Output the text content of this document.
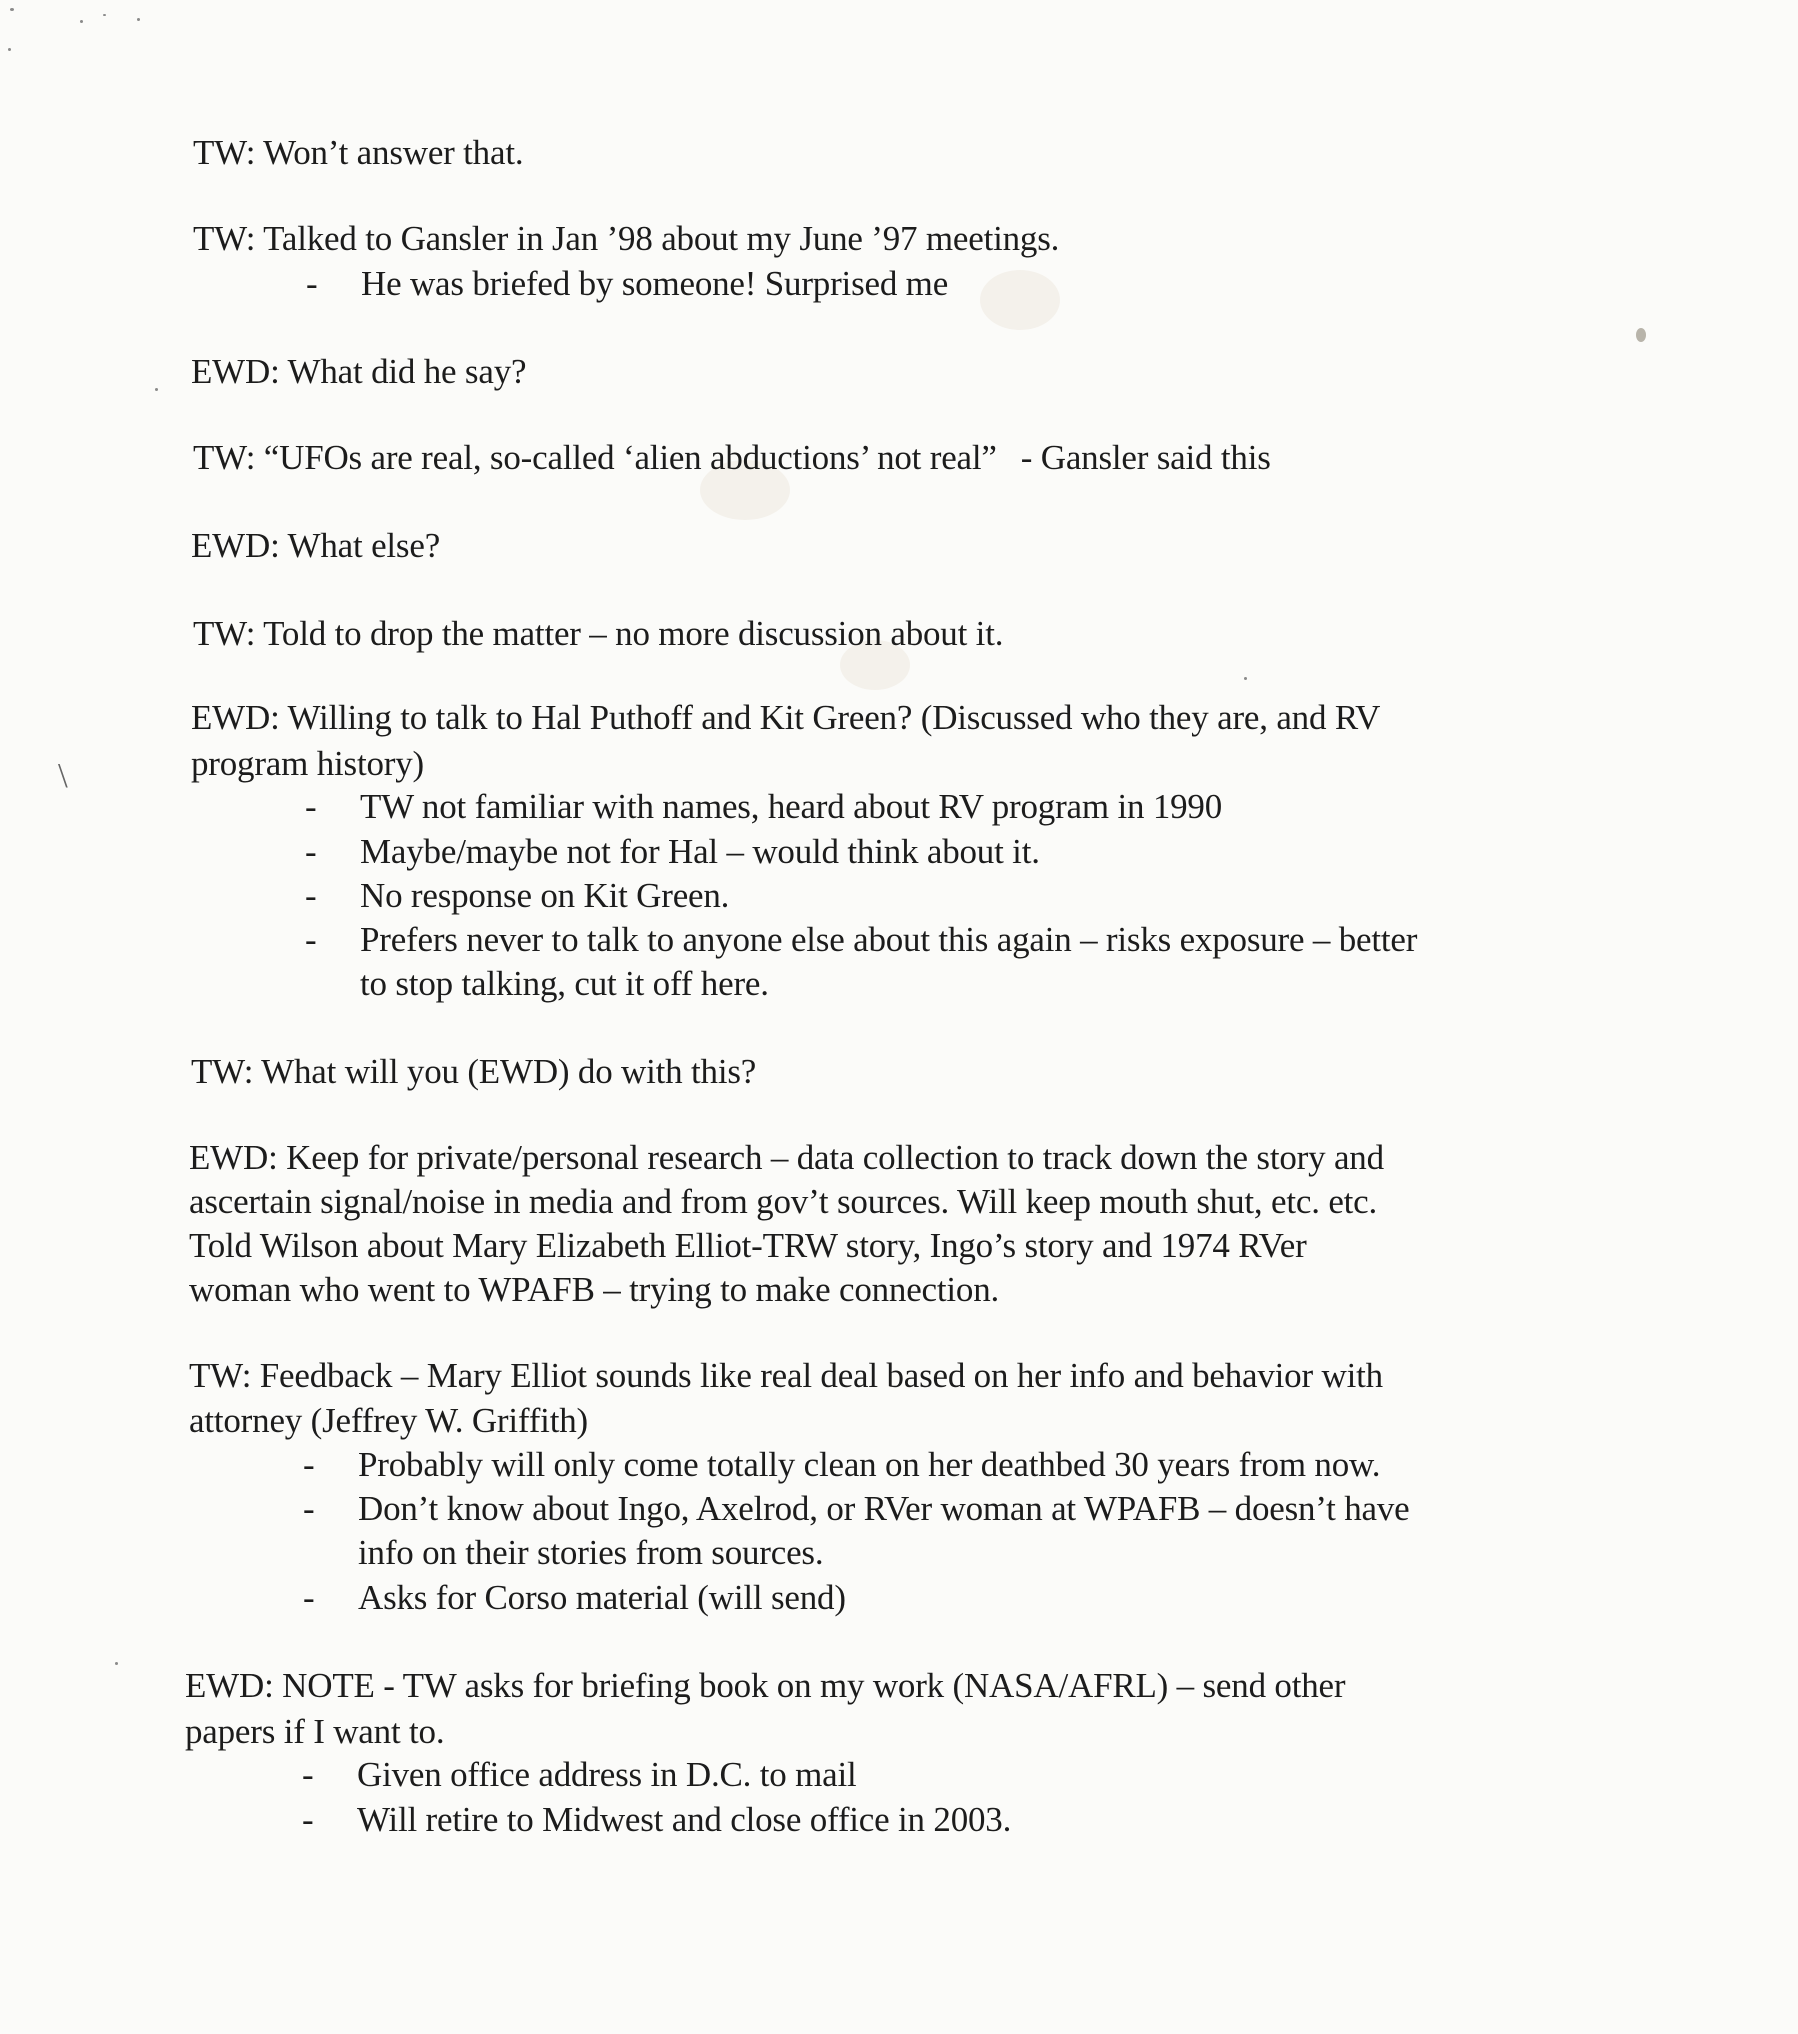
\
TW: Won’t answer that.
TW: Talked to Gansler in Jan ’98 about my June ’97 meetings.
- He was briefed by someone! Surprised me
EWD: What did he say?
TW: “UFOs are real, so-called ‘alien abductions’ not real” - Gansler said this
EWD: What else?
TW: Told to drop the matter – no more discussion about it.
EWD: Willing to talk to Hal Puthoff and Kit Green? (Discussed who they are, and RV
program history)
- TW not familiar with names, heard about RV program in 1990
- Maybe/maybe not for Hal – would think about it.
- No response on Kit Green.
- Prefers never to talk to anyone else about this again – risks exposure – better
to stop talking, cut it off here.
TW: What will you (EWD) do with this?
EWD: Keep for private/personal research – data collection to track down the story and
ascertain signal/noise in media and from gov’t sources. Will keep mouth shut, etc. etc.
Told Wilson about Mary Elizabeth Elliot-TRW story, Ingo’s story and 1974 RVer
woman who went to WPAFB – trying to make connection.
TW: Feedback – Mary Elliot sounds like real deal based on her info and behavior with
attorney (Jeffrey W. Griffith)
- Probably will only come totally clean on her deathbed 30 years from now.
- Don’t know about Ingo, Axelrod, or RVer woman at WPAFB – doesn’t have
info on their stories from sources.
- Asks for Corso material (will send)
EWD: NOTE - TW asks for briefing book on my work (NASA/AFRL) – send other
papers if I want to.
- Given office address in D.C. to mail
- Will retire to Midwest and close office in 2003.
